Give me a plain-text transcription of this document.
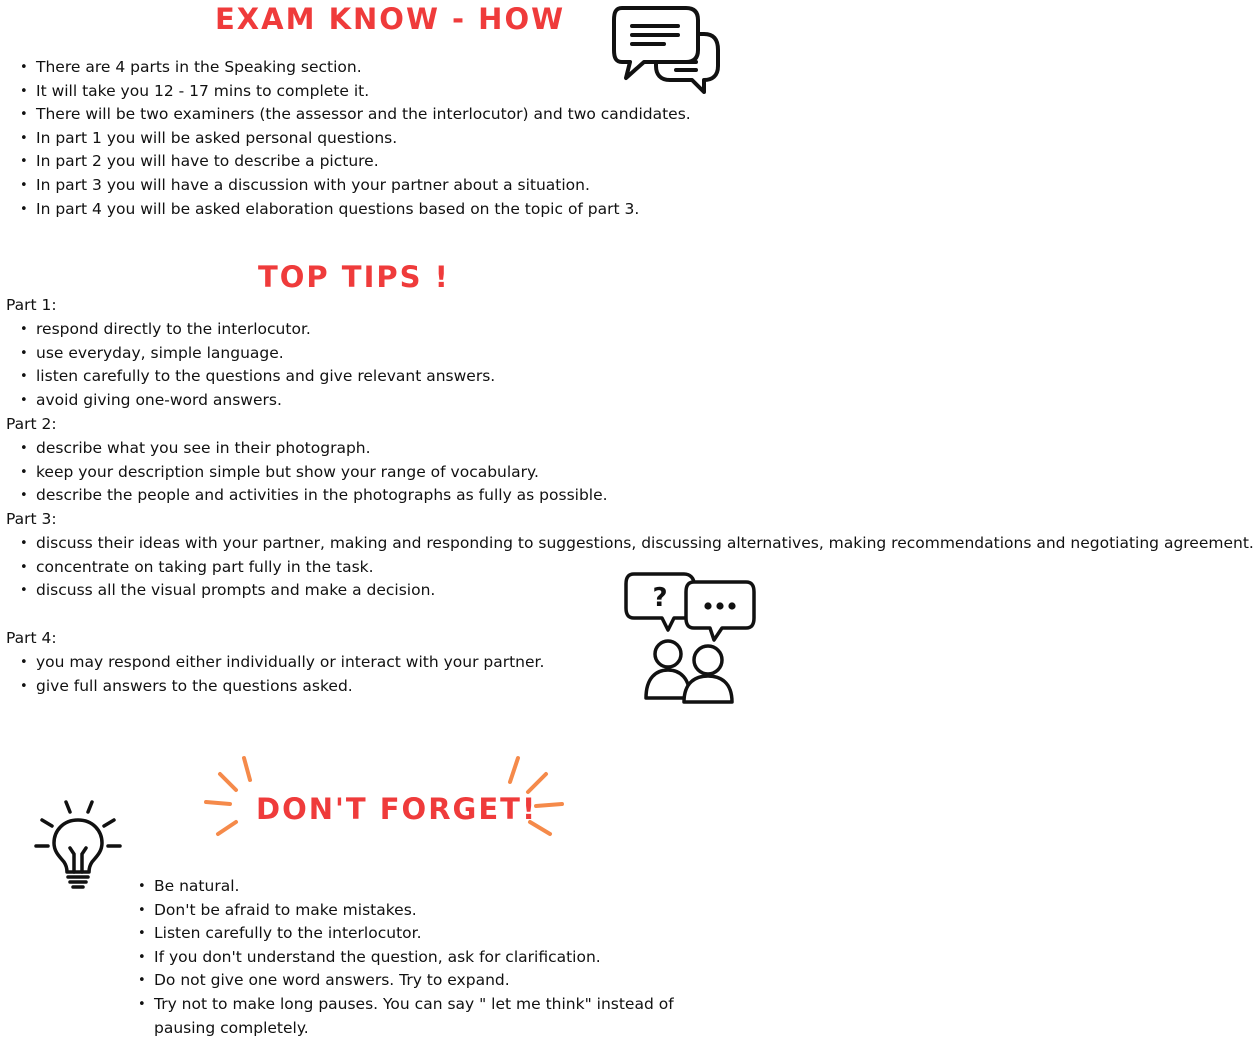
EXAM KNOW - HOW
• There are 4 parts in the Speaking section.
• It will take you 12 - 17 mins to complete it.
• There will be two examiners (the assessor and the interlocutor) and two candidates.
• In part 1 you will be asked personal questions.
• In part 2 you will have to describe a picture.
• In part 3 you will have a discussion with your partner about a situation.
• In part 4 you will be asked elaboration questions based on the topic of part 3.
TOP TIPS !

Part 1:

• respond directly to the interlocutor.
• use everyday, simple language.
• listen carefully to the questions and give relevant answers.
• avoid giving one-word answers.

Part 2:

• describe what you see in their photograph.
• keep your description simple but show your range of vocabulary.
• describe the people and activities in the photographs as fully as possible.

Part 3:

• discuss their ideas with your partner, making and responding to suggestions, discussing alternatives, making recommendations and negotiating agreement.
• concentrate on taking part fully in the task.
• discuss all the visual prompts and make a decision.

Part 4:

• you may respond either individually or interact with your partner.
• give full answers to the questions asked.
?
DON'T FORGET!
• Be natural.
• Don't be afraid to make mistakes.
• Listen carefully to the interlocutor.
• If you don't understand the question, ask for clarification.
• Do not give one word answers. Try to expand.
• Try not to make long pauses. You can say " let me think" instead of pausing completely.
